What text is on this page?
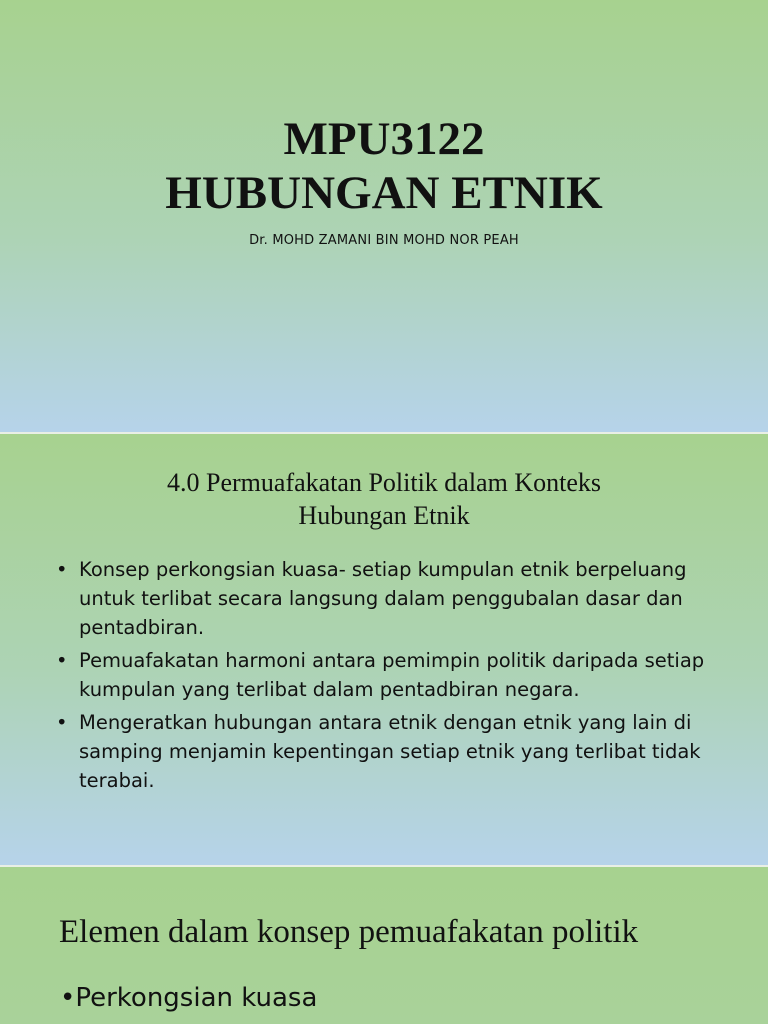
MPU3122
HUBUNGAN ETNIK
Dr. MOHD ZAMANI BIN MOHD NOR PEAH
4.0 Permuafakatan Politik dalam Konteks
Hubungan Etnik
• Konsep perkongsian kuasa- setiap kumpulan etnik berpeluang untuk terlibat secara langsung dalam penggubalan dasar dan pentadbiran.
• Pemuafakatan harmoni antara pemimpin politik daripada setiap kumpulan yang terlibat dalam pentadbiran negara.
• Mengeratkan hubungan antara etnik dengan etnik yang lain di samping menjamin kepentingan setiap etnik yang terlibat tidak terabai.
Elemen dalam konsep pemuafakatan politik
•Perkongsian kuasa
